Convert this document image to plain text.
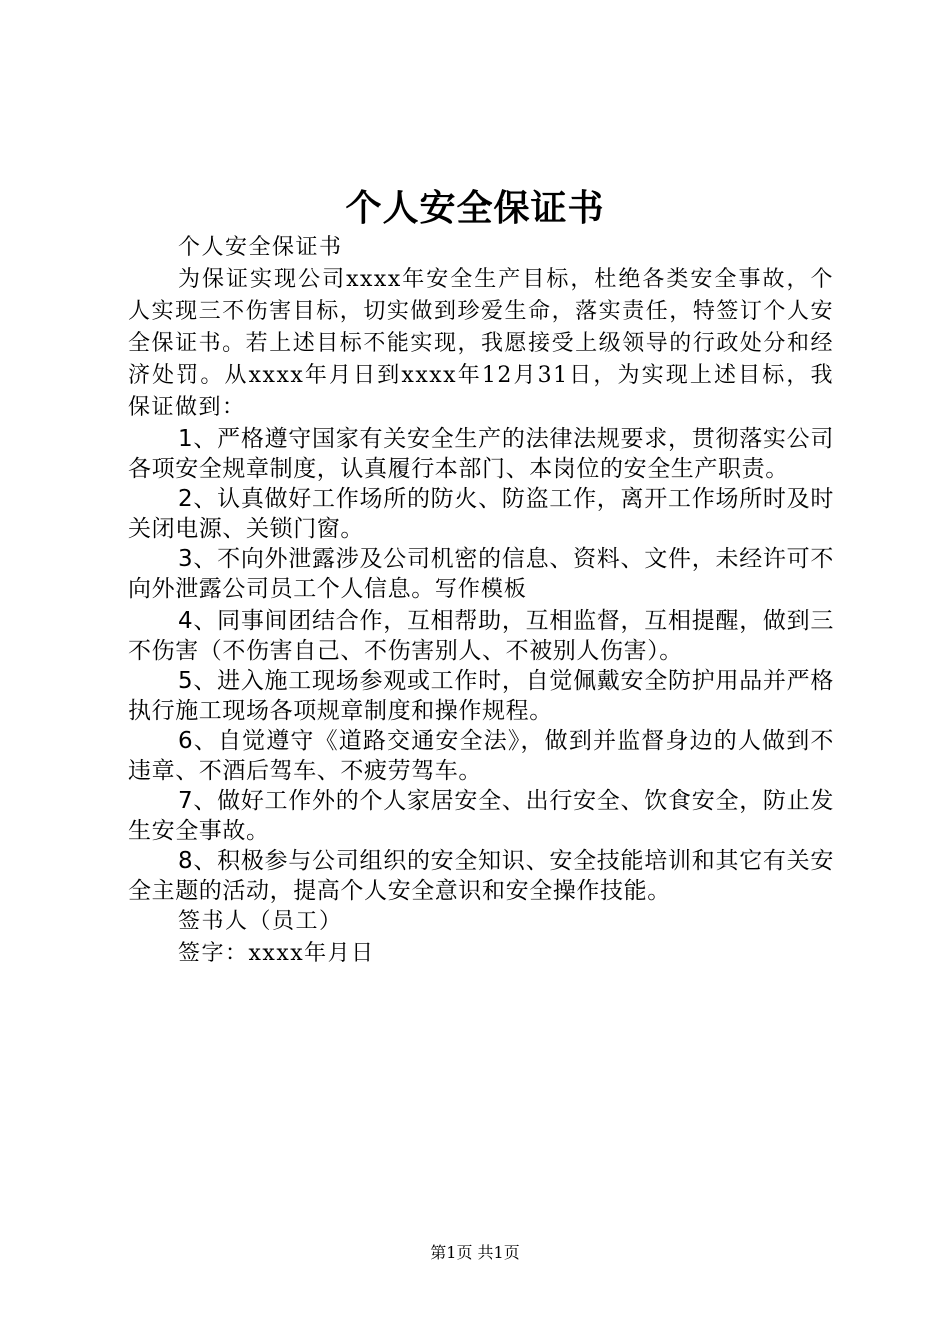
个人安全保证书

个人安全保证书

为保证实现公司xxxx年安全生产目标，杜绝各类安全事故，个人实现三不伤害目标，切实做到珍爱生命，落实责任，特签订个人安全保证书。若上述目标不能实现，我愿接受上级领导的行政处分和经济处罚。从xxxx年月日到xxxx年12月31日，为实现上述目标，我保证做到：

1、严格遵守国家有关安全生产的法律法规要求，贯彻落实公司各项安全规章制度，认真履行本部门、本岗位的安全生产职责。

2、认真做好工作场所的防火、防盗工作，离开工作场所时及时关闭电源、关锁门窗。

3、不向外泄露涉及公司机密的信息、资料、文件，未经许可不向外泄露公司员工个人信息。写作模板

4、同事间团结合作，互相帮助，互相监督，互相提醒，做到三不伤害（不伤害自己、不伤害别人、不被别人伤害）。

5、进入施工现场参观或工作时，自觉佩戴安全防护用品并严格执行施工现场各项规章制度和操作规程。

6、自觉遵守《道路交通安全法》，做到并监督身边的人做到不违章、不酒后驾车、不疲劳驾车。

7、做好工作外的个人家居安全、出行安全、饮食安全，防止发生安全事故。

8、积极参与公司组织的安全知识、安全技能培训和其它有关安全主题的活动，提高个人安全意识和安全操作技能。

签书人（员工）

签字：xxxx年月日

第1页 共1页
